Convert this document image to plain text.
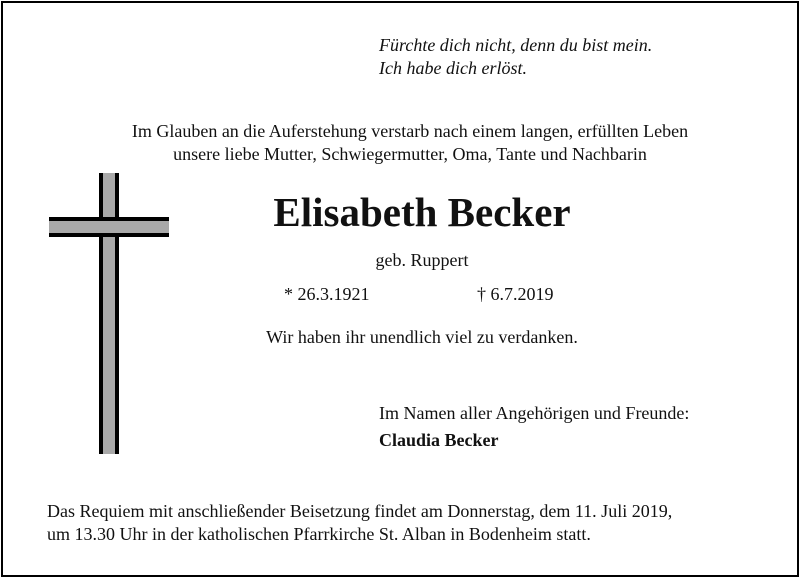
Fürchte dich nicht, denn du bist mein.
Ich habe dich erlöst.
Im Glauben an die Auferstehung verstarb nach einem langen, erfüllten Leben
unsere liebe Mutter, Schwiegermutter, Oma, Tante und Nachbarin
Elisabeth Becker
geb. Ruppert
* 26.3.1921	† 6.7.2019
Wir haben ihr unendlich viel zu verdanken.
Im Namen aller Angehörigen und Freunde:
Claudia Becker
Das Requiem mit anschließender Beisetzung findet am Donnerstag, dem 11. Juli 2019,
um 13.30 Uhr in der katholischen Pfarrkirche St. Alban in Bodenheim statt.
